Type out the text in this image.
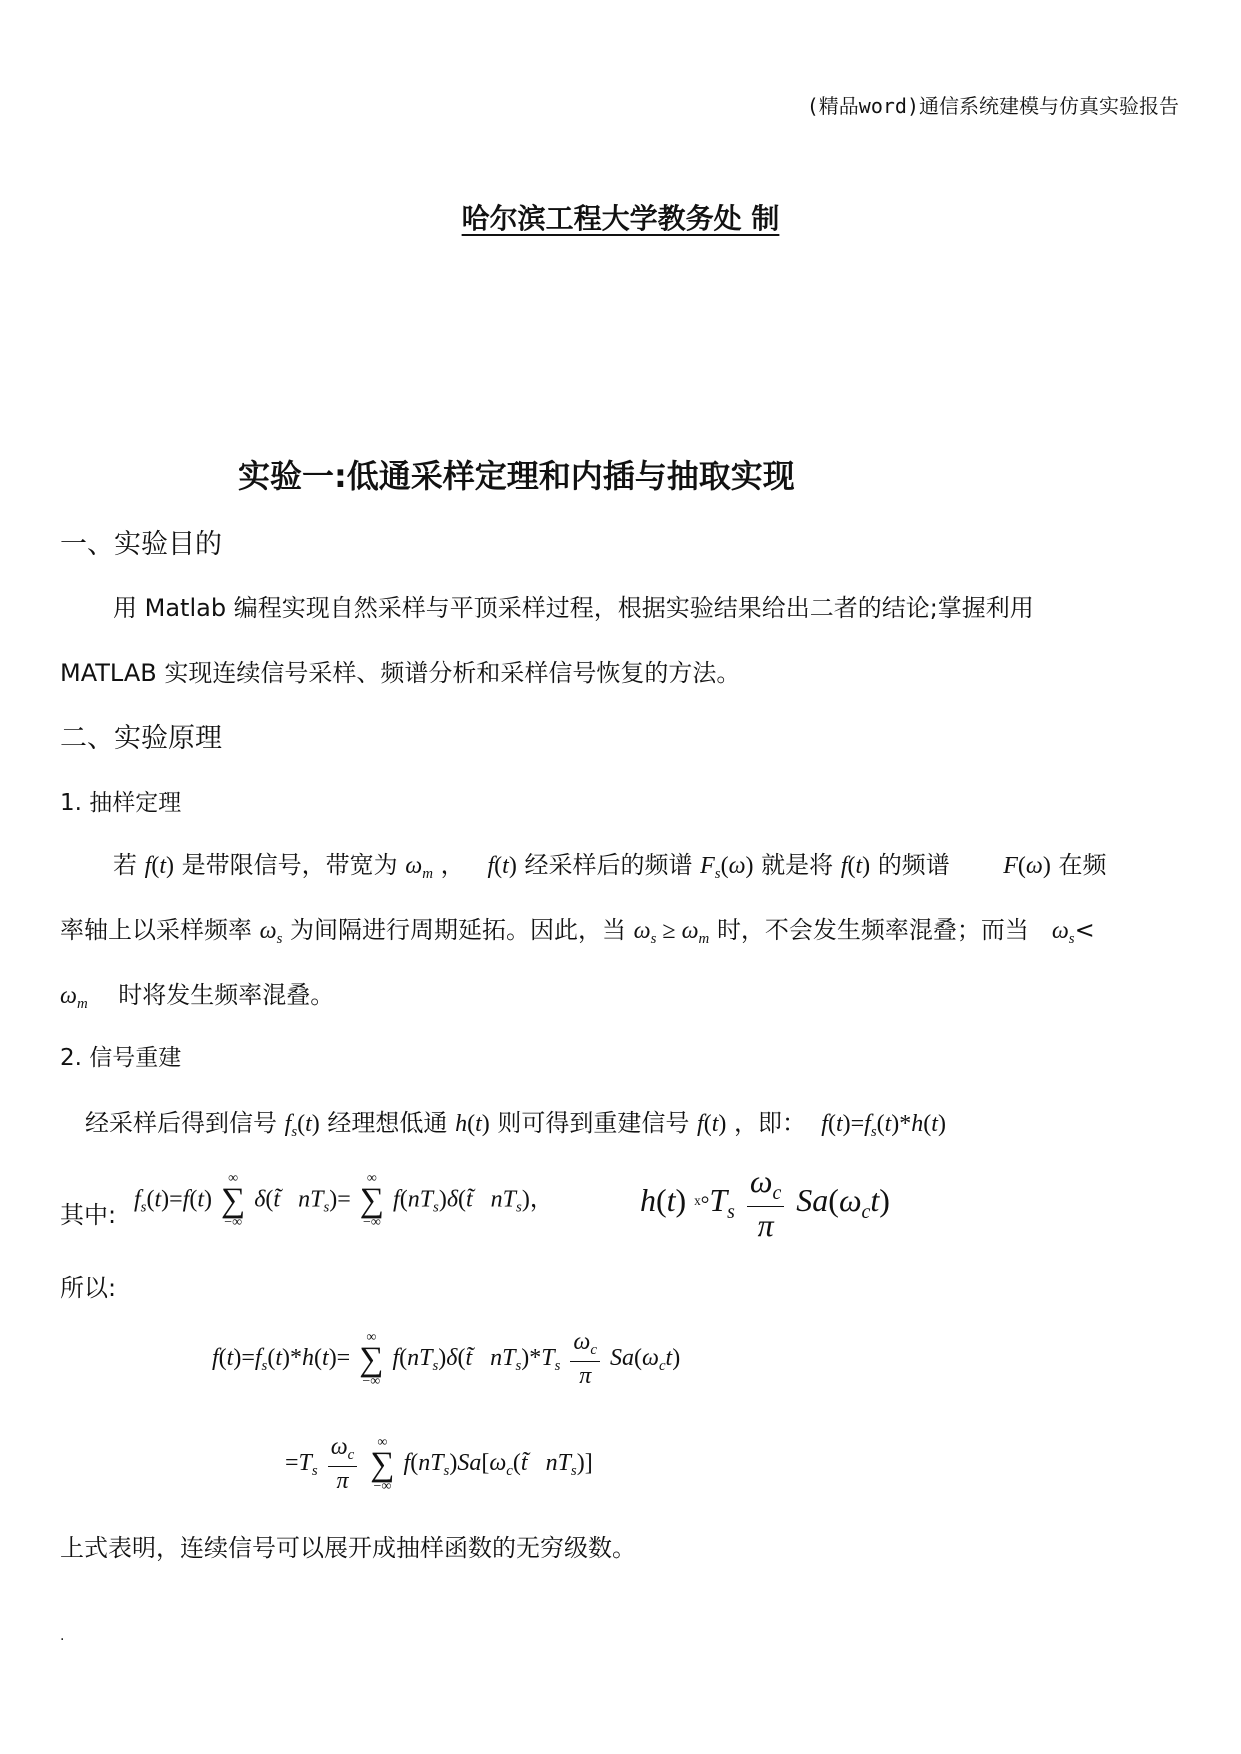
(精品word)通信系统建模与仿真实验报告
哈尔滨工程大学教务处 制
实验一:低通采样定理和内插与抽取实现
一、实验目的
用 Matlab 编程实现自然采样与平顶采样过程，根据实验结果给出二者的结论;掌握利用
MATLAB 实现连续信号采样、频谱分析和采样信号恢复的方法。
二、实验原理
1. 抽样定理
若 f(t) 是带限信号，带宽为 $\omega_m$ ， f(t) 经采样后的频谱 $F_s(\omega)$ 就是将 f(t) 的频谱 F(ω) 在频
率轴上以采样频率 $\omega_s$ 为间隔进行周期延拓。因此，当 $\omega_s \ge \omega_m$ 时，不会发生频率混叠；而当 $\omega_s<$
$\omega_m$ 时将发生频率混叠。
2. 信号重建
经采样后得到信号 $f_s(t)$ 经理想低通 h(t) 则可得到重建信号 f(t) ，即： $f(t)=f_s(t)*h(t)$
其中:
$f_s(t)=f(t)$
∞
∑
−∞
δ(t̃   $nT_s)=$
∞
∑
−∞
$f(nT_s)\delta(t̃$   $nT_s$)，	h(t) $ˣ^\circ T_s \frac{\omega_c}{\pi} Sa(\omega_ct)$
所以:
$f(t)=f_s(t)*h(t)=$
∞
∑
−∞
$f(nT_s)\delta(t̃$   $nT_s)*T_s \frac{\omega_c}{\pi} Sa(\omega_ct)$
$=T_s \frac{\omega_c}{\pi}$
	∞
∑
−∞
$f(nT_s)Sa[\omega_c(t̃$   $nT_s$)]
上式表明，连续信号可以展开成抽样函数的无穷级数。
.
